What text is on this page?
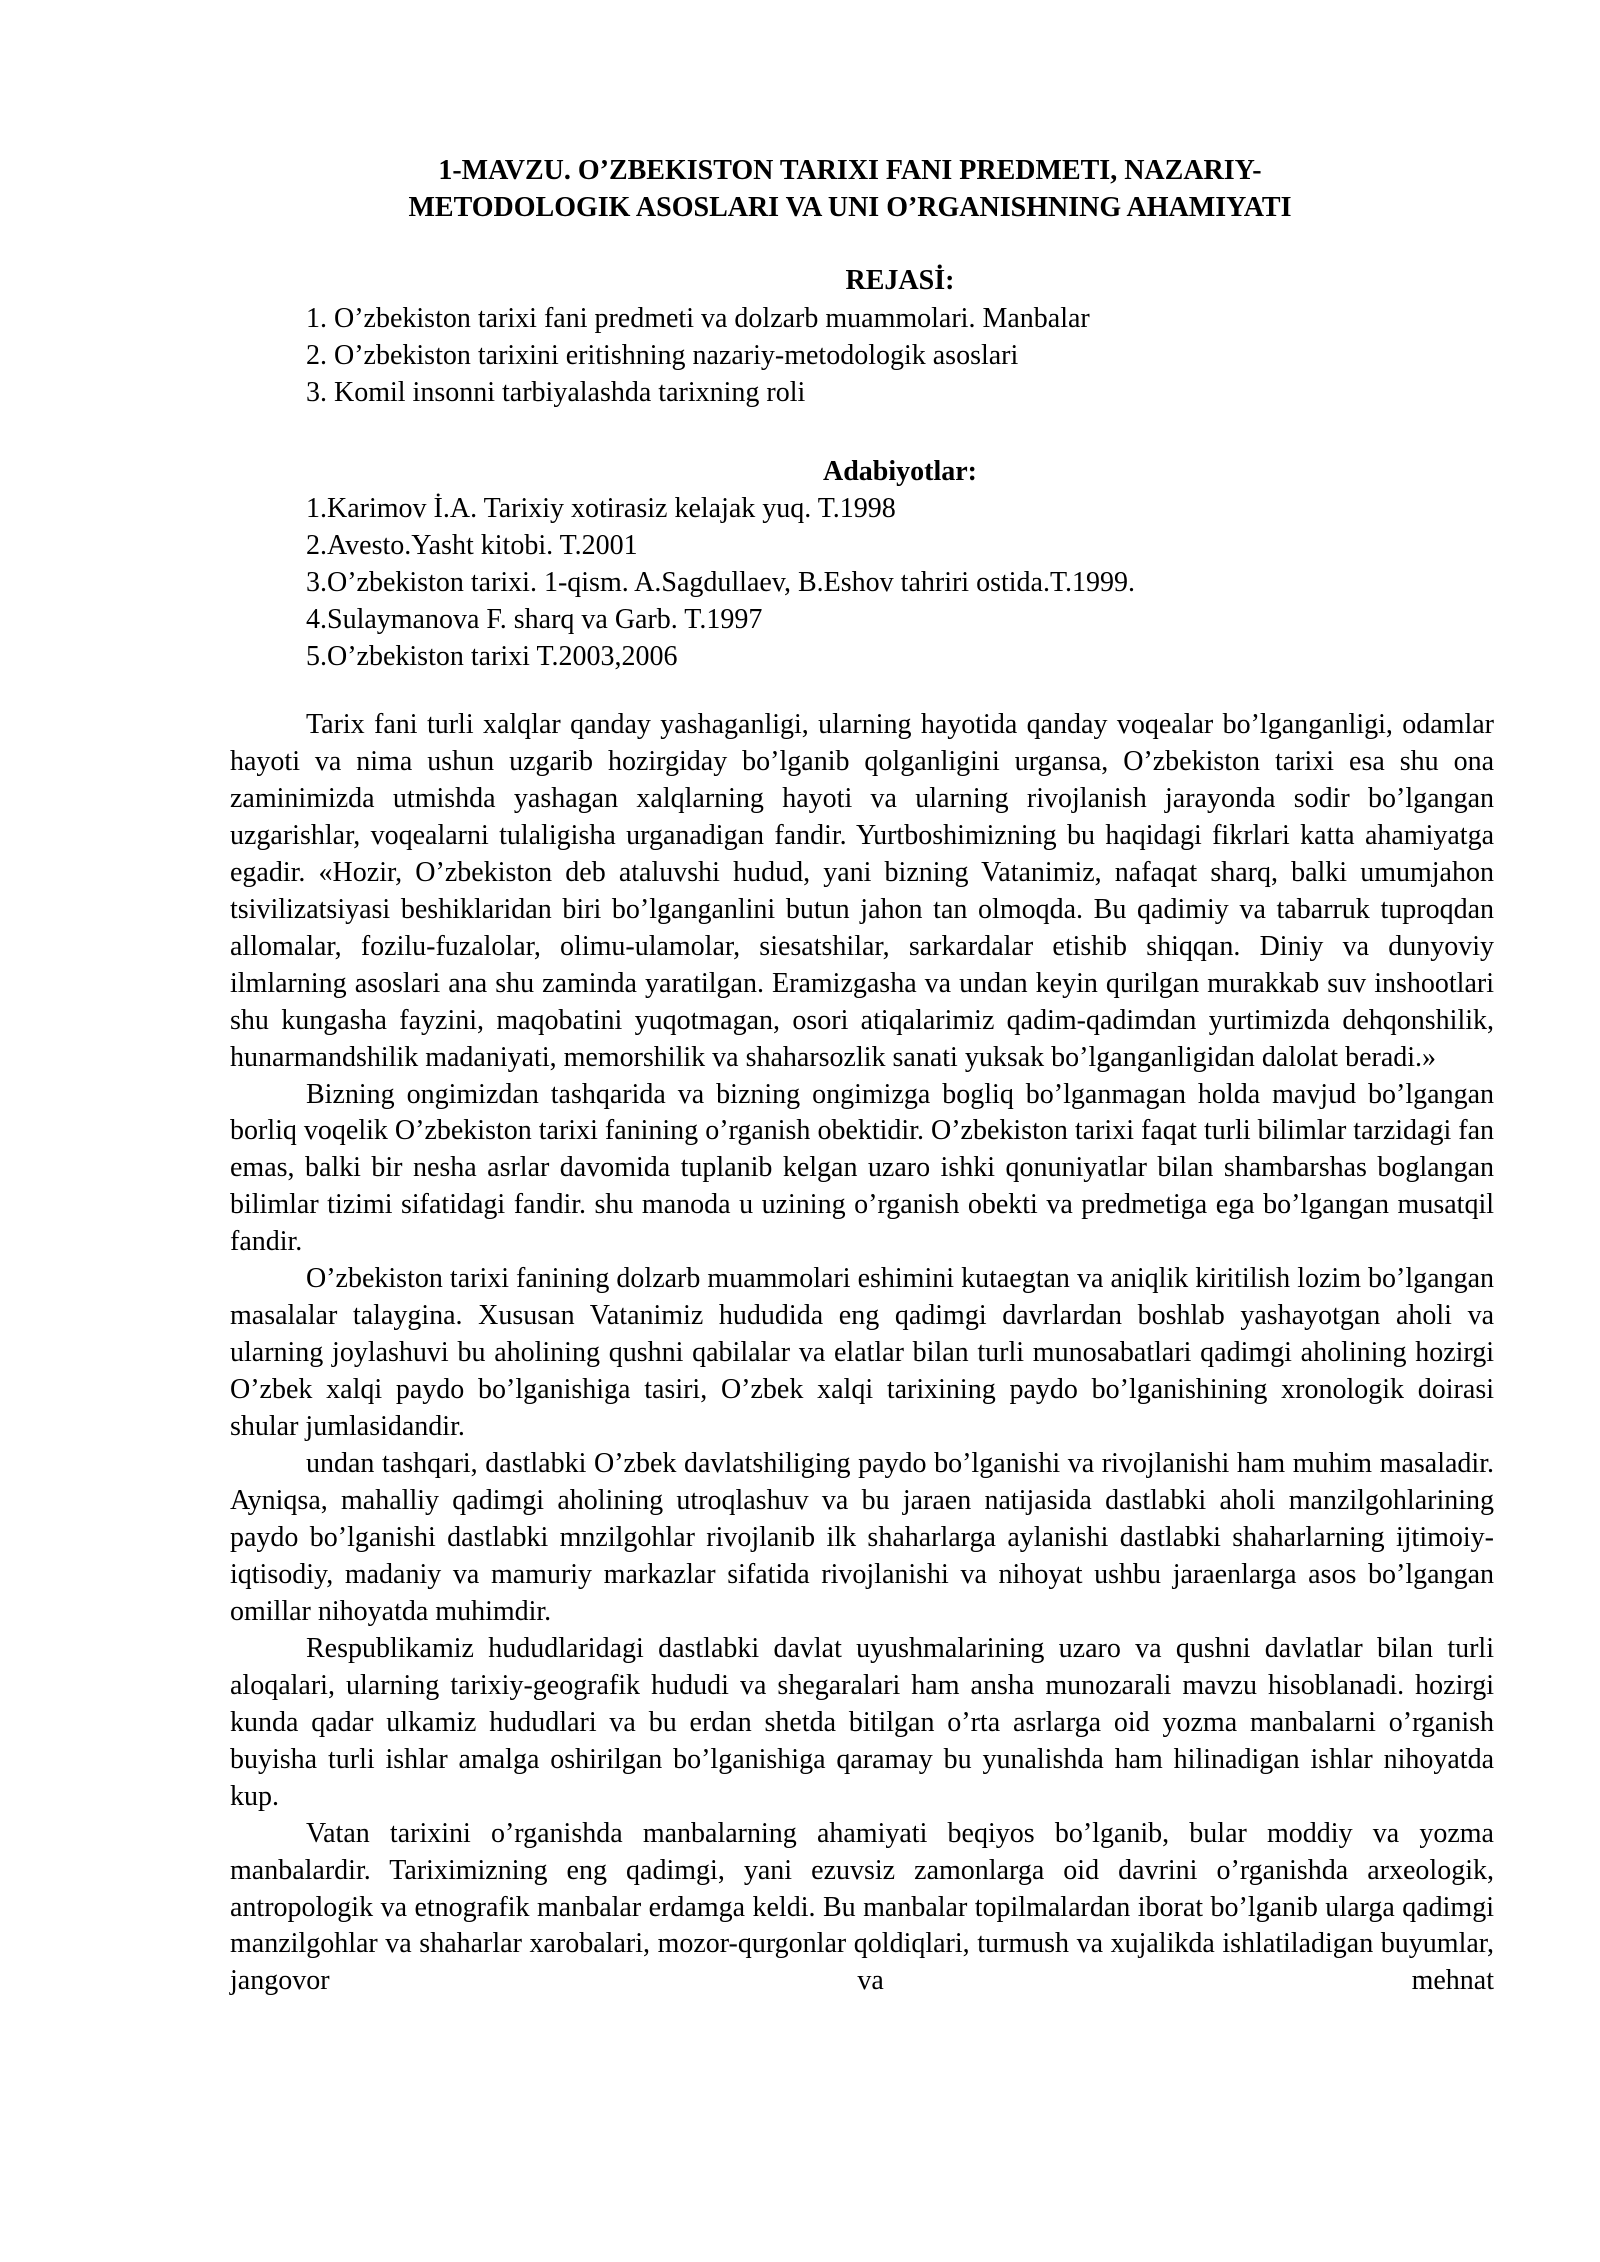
1-MAVZU. O’ZBEKISTON TARIXI FANI PREDMETI, NAZARIY-
METODOLOGIK ASOSLARI VA UNI O’RGANISHNING AHAMIYATI
REJASİ:
1. O’zbekiston tarixi fani predmeti va dolzarb muammolari. Manbalar
2. O’zbekiston tarixini eritishning nazariy-metodologik asoslari
3. Komil insonni tarbiyalashda tarixning roli
Adabiyotlar:
1.Karimov İ.A. Tarixiy xotirasiz kelajak yuq. T.1998
2.Avesto.Yasht kitobi. T.2001
3.O’zbekiston tarixi. 1-qism. A.Sagdullaev, B.Eshov tahriri ostida.T.1999.
4.Sulaymanova F. sharq va Garb. T.1997
5.O’zbekiston tarixi T.2003,2006

Tarix fani turli xalqlar qanday yashaganligi, ularning hayotida qanday voqealar bo’lganganligi, odamlar hayoti va nima ushun uzgarib hozirgiday bo’lganib qolganligini urgansa, O’zbekiston tarixi esa shu ona zaminimizda utmishda yashagan xalqlarning hayoti va ularning rivojlanish jarayonda sodir bo’lgangan uzgarishlar, voqealarni tulaligisha urganadigan fandir. Yurtboshimizning bu haqidagi fikrlari katta ahamiyatga egadir. «Hozir, O’zbekiston deb ataluvshi hudud, yani bizning Vatanimiz, nafaqat sharq, balki umumjahon tsivilizatsiyasi beshiklaridan biri bo’lganganlini butun jahon tan olmoqda. Bu qadimiy va tabarruk tuproqdan allomalar, fozilu-fuzalolar, olimu-ulamolar, siesatshilar, sarkardalar etishib shiqqan. Diniy va dunyoviy ilmlarning asoslari ana shu zaminda yaratilgan. Eramizgasha va undan keyin qurilgan murakkab suv inshootlari shu kungasha fayzini, maqobatini yuqotmagan, osori atiqalarimiz qadim-qadimdan yurtimizda dehqonshilik, hunarmandshilik madaniyati, memorshilik va shaharsozlik sanati yuksak bo’lganganligidan dalolat beradi.»

Bizning ongimizdan tashqarida va bizning ongimizga bogliq bo’lganmagan holda mavjud bo’lgangan borliq voqelik O’zbekiston tarixi fanining o’rganish obektidir. O’zbekiston tarixi faqat turli bilimlar tarzidagi fan emas, balki bir nesha asrlar davomida tuplanib kelgan uzaro ishki qonuniyatlar bilan shambarshas boglangan bilimlar tizimi sifatidagi fandir. shu manoda u uzining o’rganish obekti va predmetiga ega bo’lgangan musatqil fandir.

O’zbekiston tarixi fanining dolzarb muammolari eshimini kutaegtan va aniqlik kiritilish lozim bo’lgangan masalalar talaygina. Xususan Vatanimiz hududida eng qadimgi davrlardan boshlab yashayotgan aholi va ularning joylashuvi bu aholining qushni qabilalar va elatlar bilan turli munosabatlari qadimgi aholining hozirgi O’zbek xalqi paydo bo’lganishiga tasiri, O’zbek xalqi tarixining paydo bo’lganishining xronologik doirasi shular jumlasidandir.

undan tashqari, dastlabki O’zbek davlatshiliging paydo bo’lganishi va rivojlanishi ham muhim masaladir. Ayniqsa, mahalliy qadimgi aholining utroqlashuv va bu jaraen natijasida dastlabki aholi manzilgohlarining paydo bo’lganishi dastlabki mnzilgohlar rivojlanib ilk shaharlarga aylanishi dastlabki shaharlarning ijtimoiy-iqtisodiy, madaniy va mamuriy markazlar sifatida rivojlanishi va nihoyat ushbu jaraenlarga asos bo’lgangan omillar nihoyatda muhimdir.

Respublikamiz hududlaridagi dastlabki davlat uyushmalarining uzaro va qushni davlatlar bilan turli aloqalari, ularning tarixiy-geografik hududi va shegaralari ham ansha munozarali mavzu hisoblanadi. hozirgi kunda qadar ulkamiz hududlari va bu erdan shetda bitilgan o’rta asrlarga oid yozma manbalarni o’rganish buyisha turli ishlar amalga oshirilgan bo’lganishiga qaramay bu yunalishda ham hilinadigan ishlar nihoyatda kup.

Vatan tarixini o’rganishda manbalarning ahamiyati beqiyos bo’lganib, bular moddiy va yozma manbalardir. Tariximizning eng qadimgi, yani ezuvsiz zamonlarga oid davrini o’rganishda arxeologik, antropologik va etnografik manbalar erdamga keldi. Bu manbalar topilmalardan iborat bo’lganib ularga qadimgi manzilgohlar va shaharlar xarobalari, mozor-qurgonlar qoldiqlari, turmush va xujalikda ishlatiladigan buyumlar, jangovor va mehnat
